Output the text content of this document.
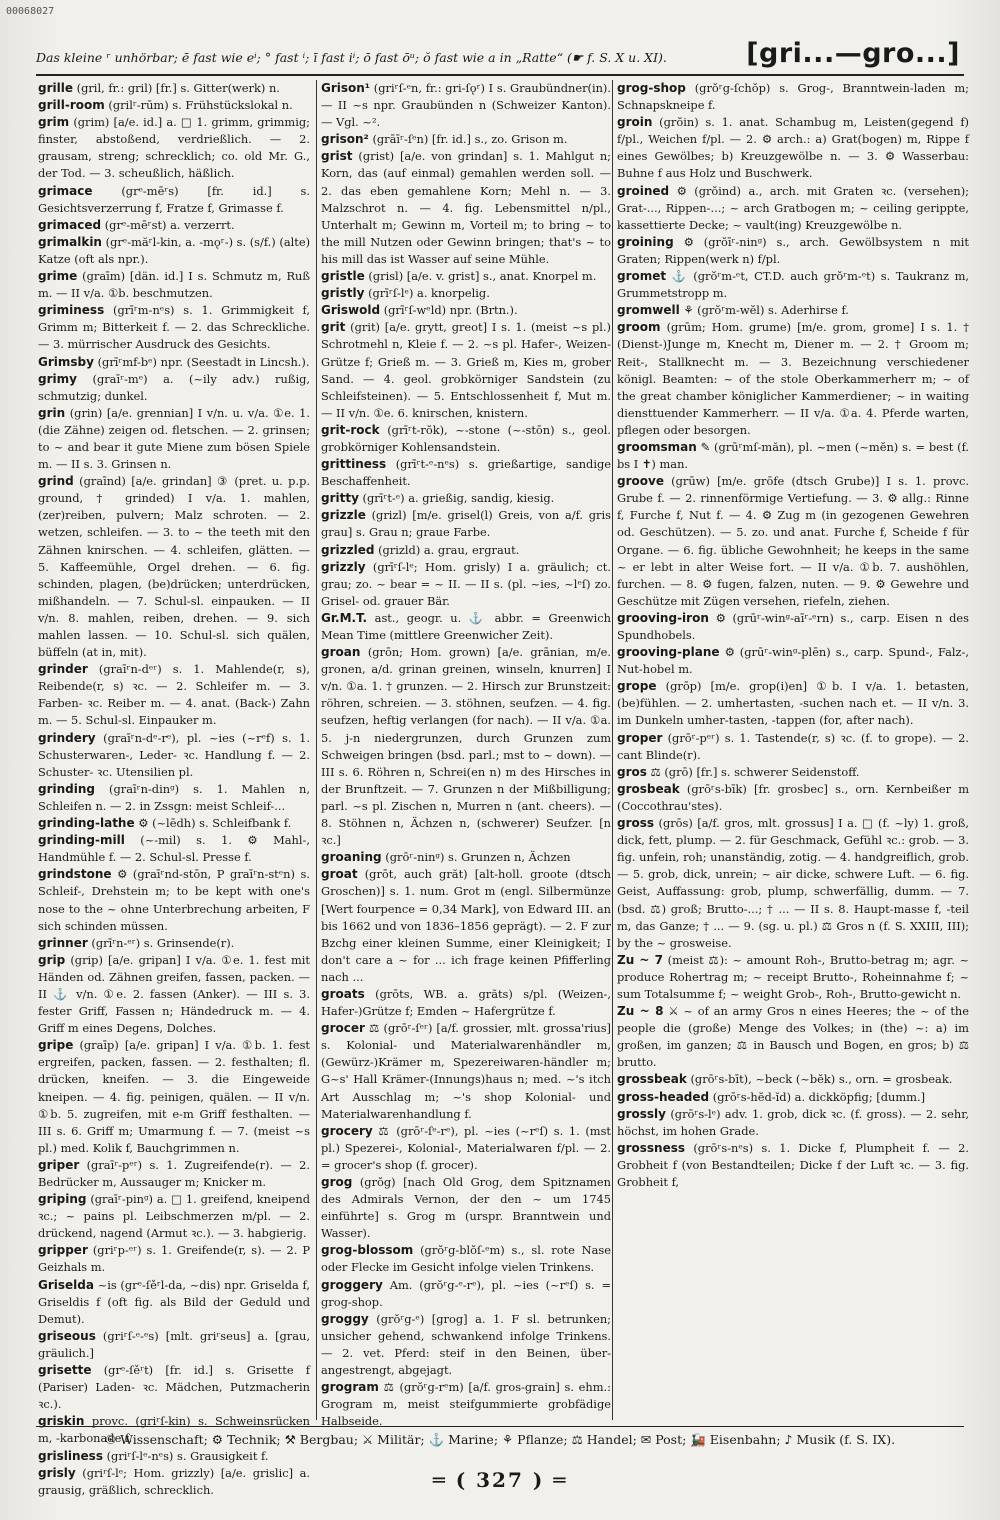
00068027
Das kleine ʳ unhörbar; ē fast wie eⁱ; ° fast ⁱ; ī fast iⁱ; ō fast ōᵘ; ŏ fast wie a in „Ratte“ (☛ f. S. X u. XI).	[gri...—gro...]

grille (gril, fr.: gril) [fr.] s. Gitter(werk) n.

grill-room (grilʳ-rūm) s. Frühstückslokal n.

grim (grim) [a/e. id.] a. □ 1. grimm, grimmig; finster, abstoßend, verdrießlich. — 2. grausam, streng; schrecklich; co. old Mr. G., der Tod. — 3. scheußlich, häßlich.

grimace	(grᵉ-mēʳs) [fr. id.] s. Gesichtsverzerrung f, Fratze f, Grimasse f.

grimaced (grᵉ-mēʳst) a. verzerrt.

grimalkin (grᵉ-măʳl-kin, a. -mǫʳ-) s. (s/f.) (alte) Katze (oft als npr.).

grime (graīm) [dän. id.] I s. Schmutz m, Ruß m. — II v/a. ①b. beschmutzen.

griminess (grīʳm-nᵉs) s. 1. Grimmigkeit f, Grimm m; Bitterkeit f. — 2. das Schreckliche. — 3. mürrischer Ausdruck des Gesichts.

Grimsby (grīʳmf-bᵉ) npr. (Seestadt in Lincsh.).

grimy (graīʳ-mᵉ) a. (~ily adv.) rußig, schmutzig; dunkel.

grin (grin) [a/e. grennian] I v/n. u. v/a. ①e. 1. (die Zähne) zeigen od. fletschen. — 2. grinsen; to ~ and bear it gute Miene zum bösen Spiele m. — II s. 3. Grinsen n.

grind (graīnd) [a/e. grindan] ③ (pret. u. p.p. ground, † grinded) I v/a. 1. mahlen, (zer)reiben, pulvern; Malz schroten. — 2. wetzen, schleifen. — 3. to ~ the teeth mit den Zähnen knirschen. — 4. schleifen, glätten. — 5. Kaffeemühle, Orgel drehen. — 6. fig. schinden, plagen, (be)drücken; unterdrücken, mißhandeln. — 7. Schul-sl. einpauken. — II v/n. 8. mahlen, reiben, drehen. — 9. sich mahlen lassen. — 10. Schul-sl. sich quälen, büffeln (at in, mit).

grinder (graīʳn-dᵉʳ) s. 1. Mahlende(r, s), Reibende(r, s) ꝛc. — 2. Schleifer m. — 3. Farben- ꝛc. Reiber m. — 4. anat. (Back-) Zahn m. — 5. Schul-sl. Einpauker m.

grindery (graīʳn-dᵉ-rᵉ), pl. ~ies (~rᵉf) s. 1. Schusterwaren-, Leder- ꝛc. Handlung f. — 2. Schuster- ꝛc. Utensilien pl.

grinding (graīʳn-dinᵍ) s. 1. Mahlen n, Schleifen n. — 2. in Zssgn: meist Schleif-...

grinding-lathe ⚙ (~lēdh) s. Schleifbank f.

grinding-mill (~-mil) s. 1. ⚙ Mahl-, Handmühle f. — 2. Schul-sl. Presse f.

grindstone ⚙ (graīʳnd-stōn, P graīʳn-stᵉn) s. Schleif-, Drehstein m; to be kept with one's nose to the ~ ohne Unterbrechung arbeiten, F sich schinden müssen.

grinner (grīʳn-ᵉʳ) s. Grinsende(r).

grip (grip) [a/e. gripan] I v/a. ①e. 1. fest mit Händen od. Zähnen greifen, fassen, packen. — II ⚓ v/n. ①e. 2. fassen (Anker). — III s. 3. fester Griff, Fassen n; Händedruck m. — 4. Griff m eines Degens, Dolches.

gripe (graīp) [a/e. gripan] I v/a. ①b. 1. fest ergreifen, packen, fassen. — 2. festhalten; fl. drücken, kneifen. — 3. die Eingeweide kneipen. — 4. fig. peinigen, quälen. — II v/n. ①b. 5. zugreifen, mit e-m Griff festhalten. — III s. 6. Griff m; Umarmung f. — 7. (meist ~s pl.) med. Kolik f, Bauchgrimmen n.

griper (graīʳ-pᵉʳ) s. 1. Zugreifende(r). — 2. Bedrücker m, Aussauger m; Knicker m.

griping (graīʳ-pinᵍ) a. □ 1. greifend, kneipend ꝛc.; ~ pains pl. Leibschmerzen m/pl. — 2. drückend, nagend (Armut ꝛc.). — 3. habgierig.

gripper (griʳp-ᵉʳ) s. 1. Greifende(r, s). — 2. P Geizhals m.

Griselda ~is (grᵉ-ſěʳl-da, ~dis) npr. Griselda f, Griseldis f (oft fig. als Bild der Geduld und Demut).

griseous (griʳſ-ᵉ-ᵉs) [mlt. griʳseus] a. [grau, gräulich.]

grisette (grᵉ-ſěʳt) [fr. id.] s. Grisette f (Pariser) Laden- ꝛc. Mädchen, Putzmacherin ꝛc.).

griskin provc. (griʳſ-kin) s. Schweinsrücken m, -karbonade f.

grisliness (griʳſ-lᵉ-nᵉs) s. Grausigkeit f.

grisly (griʳſ-lᵉ; Hom. grizzly) [a/e. grislic] a. grausig, gräßlich, schrecklich.

Grison¹ (griʳſ-ᵉn, fr.: gri-ſǫʳ) I s. Graubündner(in). — II ~s npr. Graubünden n (Schweizer Kanton). — Vgl. ~².

grison² (grāīʳ-ſᵉn) [fr. id.] s., zo. Grison m.

grist (grist) [a/e. von grindan] s. 1. Mahlgut n; Korn, das (auf einmal) gemahlen werden soll. — 2. das eben gemahlene Korn; Mehl n. — 3. Malzschrot n. — 4. fig. Lebensmittel n/pl., Unterhalt m; Gewinn m, Vorteil m; to bring ~ to the mill Nutzen oder Gewinn bringen; that's ~ to his mill das ist Wasser auf seine Mühle.

gristle (grisl) [a/e. v. grist] s., anat. Knorpel m.

gristly (grīʳſ-lᵉ) a. knorpelig.

Griswold (grīʳſ-wᵉld) npr. (Brtn.).

grit (grit) [a/e. grytt, greot] I s. 1. (meist ~s pl.) Schrotmehl n, Kleie f. — 2. ~s pl. Hafer-, Weizen-Grütze f; Grieß m. — 3. Grieß m, Kies m, grober Sand. — 4. geol. grobkörniger Sandstein (zu Schleifsteinen). — 5. Entschlossenheit f, Mut m. — II v/n. ①e. 6. knirschen, knistern.

grit-rock (grīʳt-rŏk), ~-stone (~-stōn) s., geol. grobkörniger Kohlensandstein.

grittiness (grīʳt-ᵉ-nᵉs) s. grießartige, sandige Beschaffenheit.

gritty (grīʳt-ᵉ) a. grießig, sandig, kiesig.

grizzle (grizl) [m/e. grisel(l) Greis, von a/f. gris grau] s. Grau n; graue Farbe.

grizzled (grizld) a. grau, ergraut.

grizzly (grīʳſ-lᵉ; Hom. grisly) I a. gräulich; ct. grau; zo. ~ bear = ~ II. — II s. (pl. ~ies, ~lᵉſ) zo. Grisel- od. grauer Bär.

Gr.M.T. ast., geogr. u. ⚓ abbr. = Greenwich Mean Time (mittlere Greenwicher Zeit).

groan (grōn; Hom. grown) [a/e. grānian, m/e. gronen, a/d. grinan greinen, winseln, knurren] I v/n. ①a. 1. † grunzen. — 2. Hirsch zur Brunstzeit: röhren, schreien. — 3. stöhnen, seufzen. — 4. fig. seufzen, heftig verlangen (for nach). — II v/a. ①a. 5. j-n niedergrunzen, durch Grunzen zum Schweigen bringen (bsd. parl.; mst to ~ down). — III s. 6. Röhren n, Schrei(en n) m des Hirsches in der Brunftzeit. — 7. Grunzen n der Mißbilligung; parl. ~s pl. Zischen n, Murren n (ant. cheers). — 8. Stöhnen n, Ächzen n, (schwerer) Seufzer. [n ꝛc.]

groaning (grōʳ-ninᵍ) s. Grunzen n, Ächzen

groat (grōt, auch grăt) [alt-holl. groote (dtsch Groschen)] s. 1. num. Grot m (engl. Silbermünze [Wert fourpence = 0,34 Mark], von Edward III. an bis 1662 und von 1836–1856 geprägt). — 2. F zur Bzchg einer kleinen Summe, einer Kleinigkeit; I don't care a ~ for ... ich frage keinen Pfifferling nach ...

groats (grōts, WB. a. grăts) s/pl. (Weizen-, Hafer-)Grütze f; Emden ~ Hafergrütze f.

grocer ⚖ (grōʳ-ſᵉʳ) [a/f. grossier, mlt. grossa'rius] s. Kolonial- und Materialwarenhändler m, (Gewürz-)Krämer m, Spezereiwaren-händler m; G~s' Hall Krämer-(Innungs)haus n; med. ~'s itch Art Ausschlag m; ~'s shop Kolonial- und Materialwarenhandlung f.

grocery ⚖ (grōʳ-ſᵉ-rᵉ), pl. ~ies (~rᵉſ) s. 1. (mst pl.) Spezerei-, Kolonial-, Materialwaren f/pl. — 2. = grocer's shop (f. grocer).

grog (grŏg) [nach Old Grog, dem Spitznamen des Admirals Vernon, der den ~ um 1745 einführte] s. Grog m (urspr. Branntwein und Wasser).

grog-blossom (grŏʳg-blŏſ-ᵉm) s., sl. rote Nase oder Flecke im Gesicht infolge vielen Trinkens.

groggery Am. (grŏʳg-ᵉ-rᵉ), pl. ~ies (~rᵉſ) s. = grog-shop.

groggy (grŏʳg-ᵉ) [grog] a. 1. F sl. betrunken; unsicher gehend, schwankend infolge Trinkens. — 2. vet. Pferd: steif in den Beinen, über-angestrengt, abgejagt.

grogram ⚖ (grŏʳg-rᵉm) [a/f. gros-grain] s. ehm.: Grogram m, meist steifgummierte grobfädige Halbseide.

grog-shop (grŏʳg-ſchŏp) s. Grog-, Branntwein-laden m; Schnapskneipe f.

groin (grŏin) s. 1. anat. Schambug m, Leisten(gegend f) f/pl., Weichen f/pl. — 2. ⚙ arch.: a) Grat(bogen) m, Rippe f eines Gewölbes; b) Kreuzgewölbe n. — 3. ⚙ Wasserbau: Buhne f aus Holz und Buschwerk.

groined ⚙ (grŏind) a., arch. mit Graten ꝛc. (versehen); Grat-..., Rippen-...; ~ arch Gratbogen m; ~ ceiling gerippte, kassettierte Decke; ~ vault(ing) Kreuzgewölbe n.

groining ⚙ (grŏīʳ-ninᵍ) s., arch. Gewölbsystem n mit Graten; Rippen(werk n) f/pl.

gromet ⚓ (grŏʳm-ᵉt, CT.D. auch grŏʳm-ᵉt) s. Taukranz m, Grummetstropp m.

gromwell ⚘ (grŏʳm-wĕl) s. Aderhirse f.

groom (grūm; Hom. grume) [m/e. grom, grome] I s. 1. † (Dienst-)Junge m, Knecht m, Diener m. — 2. † Groom m; Reit-, Stallknecht m. — 3. Bezeichnung verschiedener königl. Beamten: ~ of the stole Oberkammerherr m; ~ of the great chamber königlicher Kammerdiener; ~ in waiting diensttuender Kammerherr. — II v/a. ①a. 4. Pferde warten, pflegen oder besorgen.

groomsman ✎ (grūʳmſ-măn), pl. ~men (~mĕn) s. = best (f. bs I ✝) man.

groove (grūw) [m/e. grōfe (dtsch Grube)] I s. 1. provc. Grube f. — 2. rinnenförmige Vertiefung. — 3. ⚙ allg.: Rinne f, Furche f, Nut f. — 4. ⚙ Zug m (in gezogenen Gewehren od. Geschützen). — 5. zo. und anat. Furche f, Scheide f für Organe. — 6. fig. übliche Gewohnheit; he keeps in the same ~ er lebt in alter Weise fort. — II v/a. ①b. 7. aushöhlen, furchen. — 8. ⚙ fugen, falzen, nuten. — 9. ⚙ Gewehre und Geschütze mit Zügen versehen, riefeln, ziehen.

grooving-iron ⚙ (grūʳ-winᵍ-aīʳ-ᵉrn) s., carp. Eisen n des Spundhobels.

grooving-plane ⚙ (grūʳ-winᵍ-plēn) s., carp. Spund-, Falz-, Nut-hobel m.

grope (grōp) [m/e. grop(i)en] ①b. I v/a. 1. betasten, (be)fühlen. — 2. umhertasten, -suchen nach et. — II v/n. 3. im Dunkeln umher-tasten, -tappen (for, after nach).

groper (grōʳ-pᵉʳ) s. 1. Tastende(r, s) ꝛc. (f. to grope). — 2. cant Blinde(r).

gros ⚖ (grō) [fr.] s. schwerer Seidenstoff.

grosbeak (grōʳs-bīk) [fr. grosbec] s., orn. Kernbeißer m (Coccothrau'stes).

gross (grōs) [a/f. gros, mlt. grossus] I a. □ (f. ~ly) 1. groß, dick, fett, plump. — 2. für Geschmack, Gefühl ꝛc.: grob. — 3. fig. unfein, roh; unanständig, zotig. — 4. handgreiflich, grob. — 5. grob, dick, unrein; ~ air dicke, schwere Luft. — 6. fig. Geist, Auffassung: grob, plump, schwerfällig, dumm. — 7. (bsd. ⚖) groß; Brutto-...; † ... — II s. 8. Haupt-masse f, -teil m, das Ganze; † ... — 9. (sg. u. pl.) ⚖ Gros n (f. S. XXIII, III); by the ~ grosweise.

Zu ~ 7 (meist ⚖): ~ amount Roh-, Brutto-betrag m; agr. ~ produce Rohertrag m; ~ receipt Brutto-, Roheinnahme f; ~ sum Totalsumme f; ~ weight Grob-, Roh-, Brutto-gewicht n.

Zu ~ 8 ⚔ ~ of an army Gros n eines Heeres; the ~ of the people die (große) Menge des Volkes; in (the) ~: a) im großen, im ganzen; ⚖ in Bausch und Bogen, en gros; b) ⚖ brutto.

grossbeak (grōʳs-bīt), ~beck (~bĕk) s., orn. = grosbeak.

gross-headed (grōʳs-hĕd-ĭd) a. dickköpfig; [dumm.]

grossly (grōʳs-lᵉ) adv. 1. grob, dick ꝛc. (f. gross). — 2. sehr, höchst, im hohen Grade.

grossness (grōʳs-nᵉs) s. 1. Dicke f, Plumpheit f. — 2. Grobheit f (von Bestandteilen; Dicke f der Luft ꝛc. — 3. fig. Grobheit f,

☉ Wissenschaft; ⚙ Technik; ⚒ Bergbau; ⚔ Militär; ⚓ Marine; ⚘ Pflanze; ⚖ Handel; ✉ Post; 🚂 Eisenbahn; ♪ Musik (f. S. IX).
═ ( 327 ) ═
